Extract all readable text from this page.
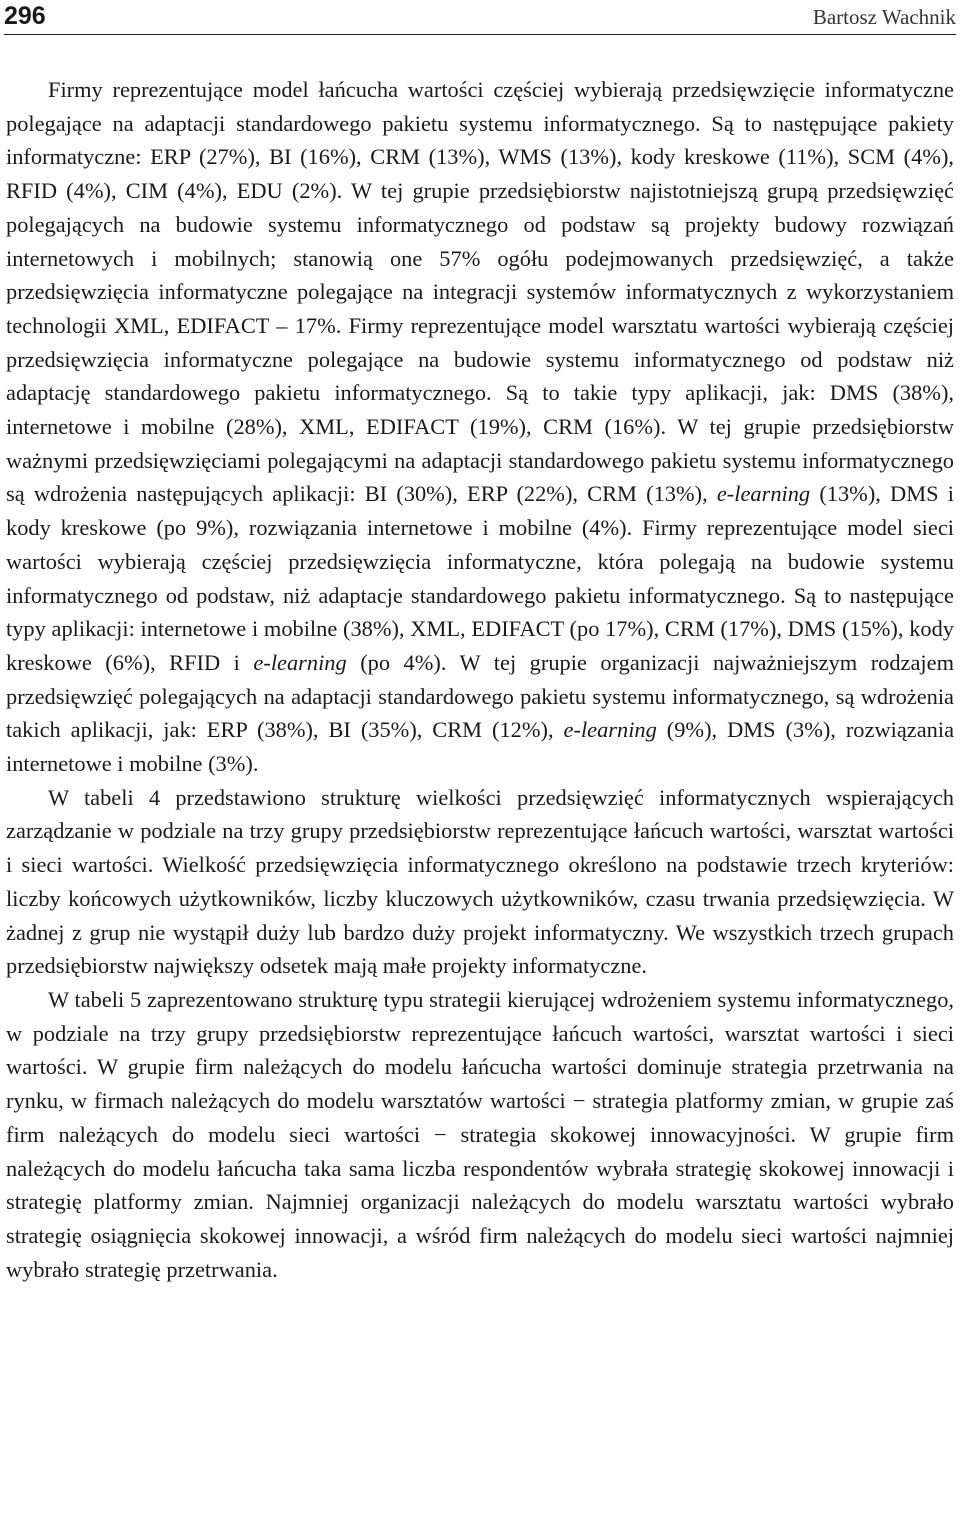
296	Bartosz Wachnik

Firmy reprezentujące model łańcucha wartości częściej wybierają przedsięwzięcie informatyczne polegające na adaptacji standardowego pakietu systemu informatycznego. Są to następujące pakiety informatyczne: ERP (27%), BI (16%), CRM (13%), WMS (13%), kody kreskowe (11%), SCM (4%), RFID (4%), CIM (4%), EDU (2%). W tej grupie przedsiębiorstw najistotniejszą grupą przedsięwzięć polegających na budowie systemu informatycznego od podstaw są projekty budowy rozwiązań internetowych i mobilnych; stanowią one 57% ogółu podejmowanych przedsięwzięć, a także przedsięwzięcia informatyczne polegające na integracji systemów informatycznych z wykorzystaniem technologii XML, EDIFACT – 17%. Firmy reprezentujące model warsztatu wartości wybierają częściej przedsięwzięcia informatyczne polegające na budowie systemu informatycznego od podstaw niż adaptację standardowego pakietu informatycznego. Są to takie typy aplikacji, jak: DMS (38%), internetowe i mobilne (28%), XML, EDIFACT (19%), CRM (16%). W tej grupie przedsiębiorstw ważnymi przedsięwzięciami polegającymi na adaptacji standardowego pakietu systemu informatycznego są wdrożenia następujących aplikacji: BI (30%), ERP (22%), CRM (13%), e-learning (13%), DMS i kody kreskowe (po 9%), rozwiązania internetowe i mobilne (4%). Firmy reprezentujące model sieci wartości wybierają częściej przedsięwzięcia informatyczne, która polegają na budowie systemu informatycznego od podstaw, niż adaptacje standardowego pakietu informatycznego. Są to następujące typy aplikacji: internetowe i mobilne (38%), XML, EDIFACT (po 17%), CRM (17%), DMS (15%), kody kreskowe (6%), RFID i e-learning (po 4%). W tej grupie organizacji najważniejszym rodzajem przedsięwzięć polegających na adaptacji standardowego pakietu systemu informatycznego, są wdrożenia takich aplikacji, jak: ERP (38%), BI (35%), CRM (12%), e-learning (9%), DMS (3%), rozwiązania internetowe i mobilne (3%).

W tabeli 4 przedstawiono strukturę wielkości przedsięwzięć informatycznych wspierających zarządzanie w podziale na trzy grupy przedsiębiorstw reprezentujące łańcuch wartości, warsztat wartości i sieci wartości. Wielkość przedsięwzięcia informatycznego określono na podstawie trzech kryteriów: liczby końcowych użytkowników, liczby kluczowych użytkowników, czasu trwania przedsięwzięcia. W żadnej z grup nie wystąpił duży lub bardzo duży projekt informatyczny. We wszystkich trzech grupach przedsiębiorstw największy odsetek mają małe projekty informatyczne.

W tabeli 5 zaprezentowano strukturę typu strategii kierującej wdrożeniem systemu informatycznego, w podziale na trzy grupy przedsiębiorstw reprezentujące łańcuch wartości, warsztat wartości i sieci wartości. W grupie firm należących do modelu łańcucha wartości dominuje strategia przetrwania na rynku, w firmach należących do modelu warsztatów wartości − strategia platformy zmian, w grupie zaś firm należących do modelu sieci wartości − strategia skokowej innowacyjności. W grupie firm należących do modelu łańcucha taka sama liczba respondentów wybrała strategię skokowej innowacji i strategię platformy zmian. Najmniej organizacji należących do modelu warsztatu wartości wybrało strategię osiągnięcia skokowej innowacji, a wśród firm należących do modelu sieci wartości najmniej wybrało strategię przetrwania.
